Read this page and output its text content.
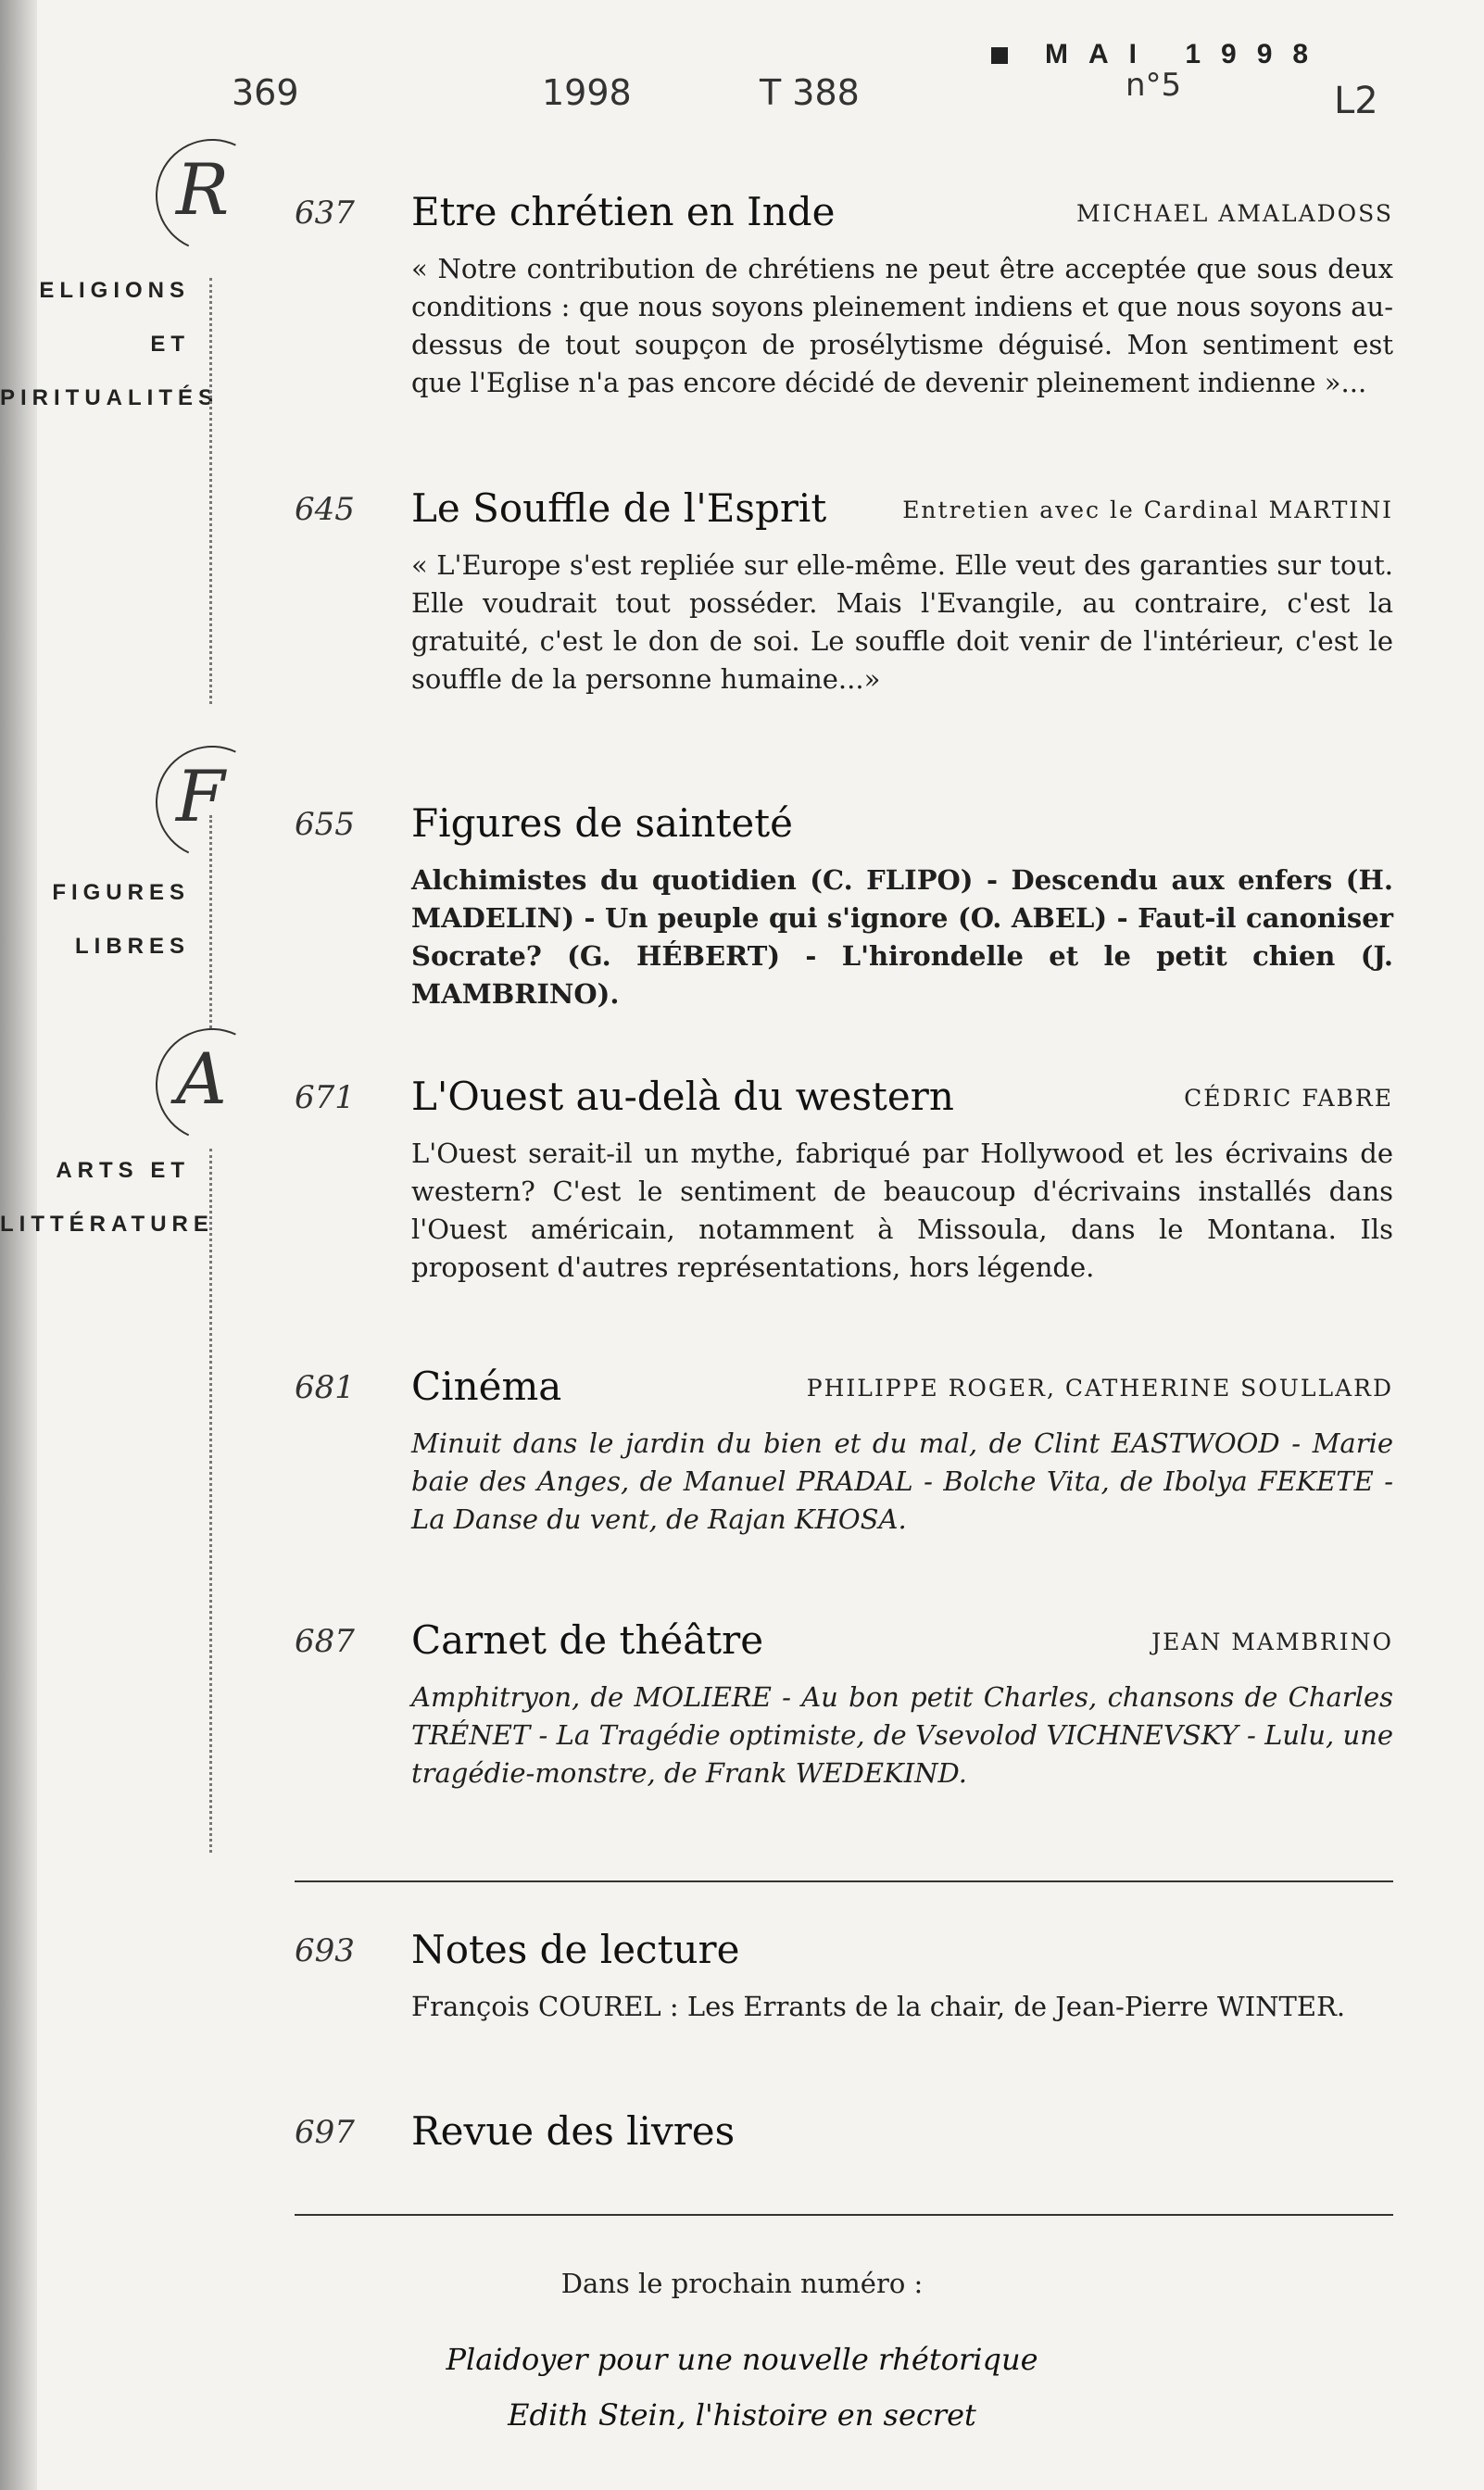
369	1998	T 388
MAI 1998
n°5	L2
R
ELIGIONS ET
PIRITUALITÉS
F
FIGURES
LIBRES
A
ARTS ET
LITTÉRATURE
637 Etre chrétien en Inde	MICHAEL AMALADOSS
« Notre contribution de chrétiens ne peut être acceptée que sous deux conditions : que nous soyons pleinement indiens et que nous soyons au-dessus de tout soupçon de prosélytisme déguisé. Mon sentiment est que l'Eglise n'a pas encore décidé de devenir pleinement indienne »...
645 Le Souffle de l'Esprit	Entretien avec le Cardinal MARTINI
« L'Europe s'est repliée sur elle-même. Elle veut des garanties sur tout. Elle voudrait tout posséder. Mais l'Evangile, au contraire, c'est la gratuité, c'est le don de soi. Le souffle doit venir de l'intérieur, c'est le souffle de la personne humaine...»
655 Figures de sainteté
Alchimistes du quotidien (C. FLIPO) - Descendu aux enfers (H. MADELIN) - Un peuple qui s'ignore (O. ABEL) - Faut-il canoniser Socrate? (G. HÉBERT) - L'hirondelle et le petit chien (J. MAMBRINO).
671 L'Ouest au-delà du western	CÉDRIC FABRE
L'Ouest serait-il un mythe, fabriqué par Hollywood et les écrivains de western? C'est le sentiment de beaucoup d'écrivains installés dans l'Ouest américain, notamment à Missoula, dans le Montana. Ils proposent d'autres représentations, hors légende.
681 Cinéma	PHILIPPE ROGER, CATHERINE SOULLARD
Minuit dans le jardin du bien et du mal, de Clint EASTWOOD - Marie baie des Anges, de Manuel PRADAL - Bolche Vita, de Ibolya FEKETE - La Danse du vent, de Rajan KHOSA.
687 Carnet de théâtre	JEAN MAMBRINO
Amphitryon, de MOLIERE - Au bon petit Charles, chansons de Charles TRÉNET - La Tragédie optimiste, de Vsevolod VICHNEVSKY - Lulu, une tragédie-monstre, de Frank WEDEKIND.
693 Notes de lecture
François COUREL : Les Errants de la chair, de Jean-Pierre WINTER.
697 Revue des livres
Dans le prochain numéro :
Plaidoyer pour une nouvelle rhétorique
Edith Stein, l'histoire en secret
